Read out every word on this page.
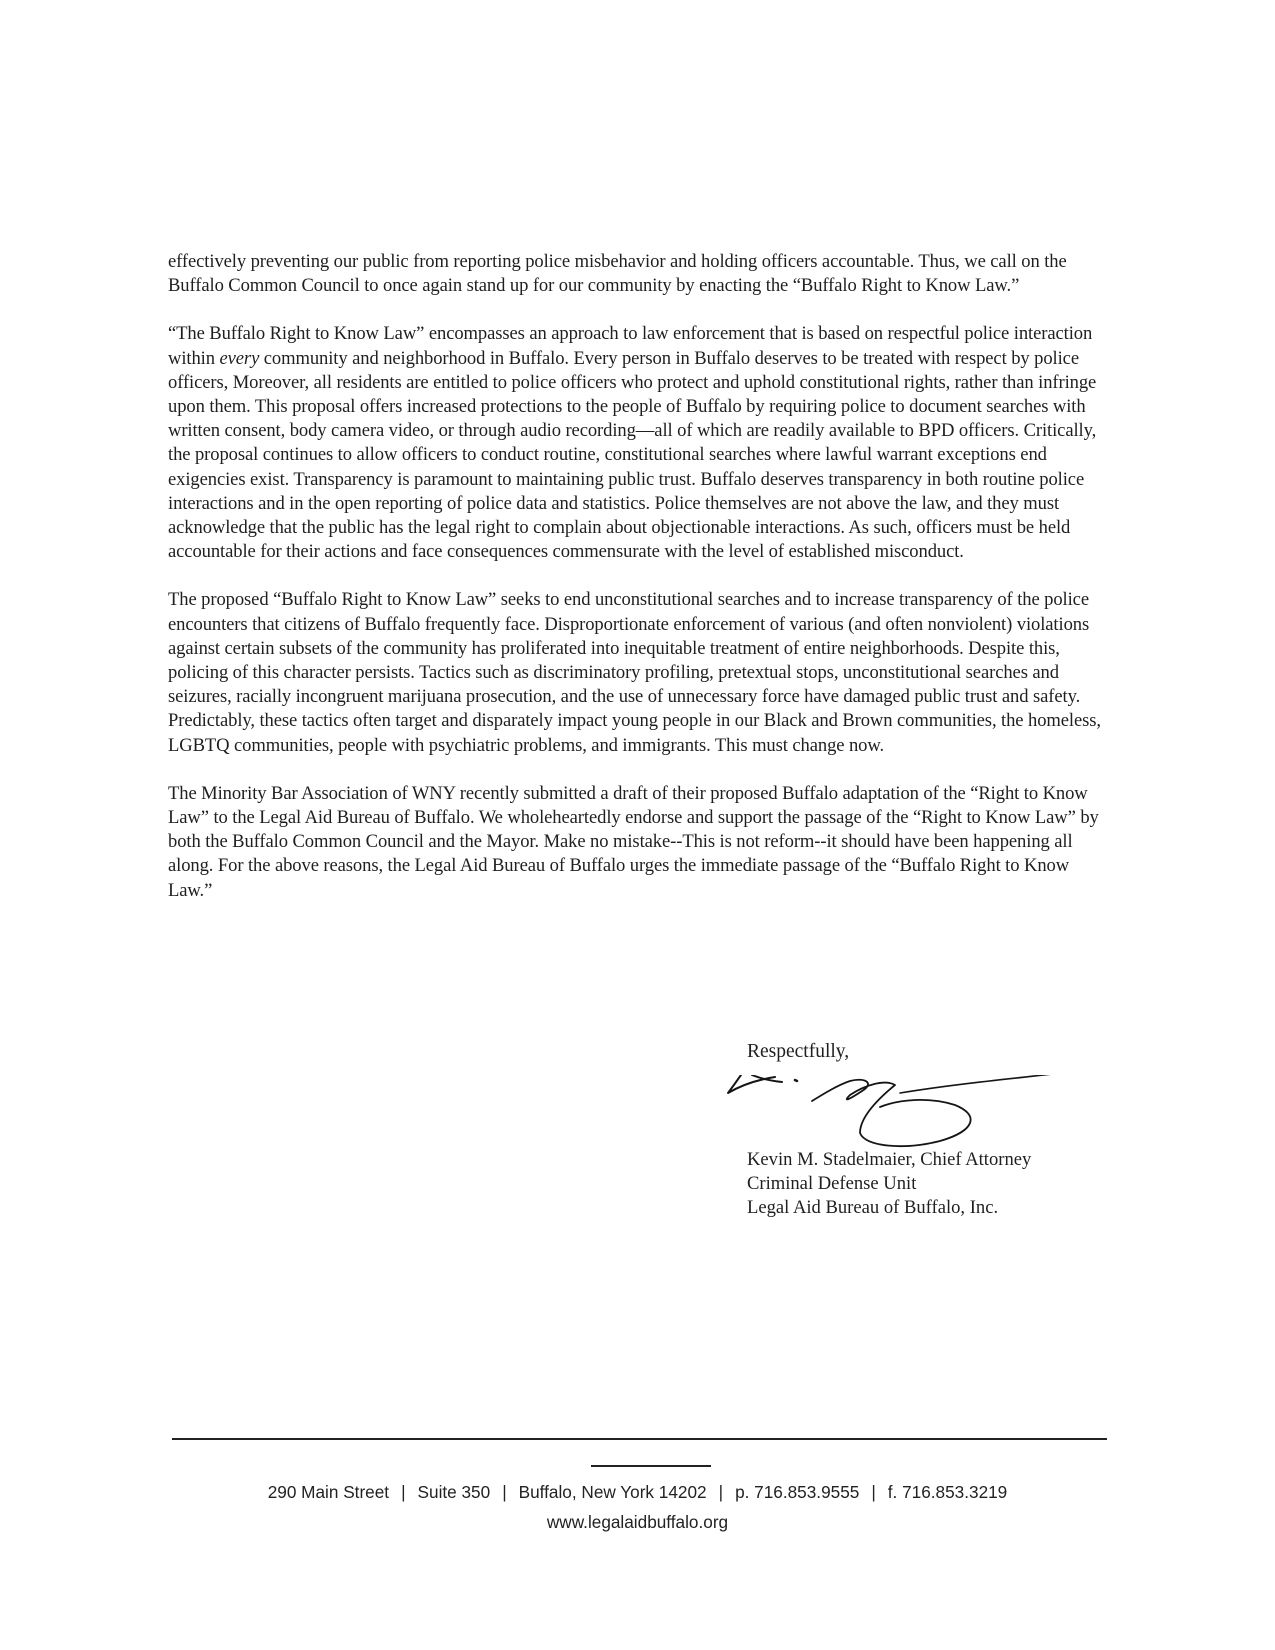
effectively preventing our public from reporting police misbehavior and holding officers accountable. Thus, we call on the Buffalo Common Council to once again stand up for our community by enacting the “Buffalo Right to Know Law.”

“The Buffalo Right to Know Law” encompasses an approach to law enforcement that is based on respectful police interaction within every community and neighborhood in Buffalo. Every person in Buffalo deserves to be treated with respect by police officers, Moreover, all residents are entitled to police officers who protect and uphold constitutional rights, rather than infringe upon them. This proposal offers increased protections to the people of Buffalo by requiring police to document searches with written consent, body camera video, or through audio recording—all of which are readily available to BPD officers. Critically, the proposal continues to allow officers to conduct routine, constitutional searches where lawful warrant exceptions end exigencies exist. Transparency is paramount to maintaining public trust. Buffalo deserves transparency in both routine police interactions and in the open reporting of police data and statistics. Police themselves are not above the law, and they must acknowledge that the public has the legal right to complain about objectionable interactions. As such, officers must be held accountable for their actions and face consequences commensurate with the level of established misconduct.

The proposed “Buffalo Right to Know Law” seeks to end unconstitutional searches and to increase transparency of the police encounters that citizens of Buffalo frequently face. Disproportionate enforcement of various (and often nonviolent) violations against certain subsets of the community has proliferated into inequitable treatment of entire neighborhoods. Despite this, policing of this character persists. Tactics such as discriminatory profiling, pretextual stops, unconstitutional searches and seizures, racially incongruent marijuana prosecution, and the use of unnecessary force have damaged public trust and safety. Predictably, these tactics often target and disparately impact young people in our Black and Brown communities, the homeless, LGBTQ communities, people with psychiatric problems, and immigrants. This must change now.

The Minority Bar Association of WNY recently submitted a draft of their proposed Buffalo adaptation of the “Right to Know Law” to the Legal Aid Bureau of Buffalo. We wholeheartedly endorse and support the passage of the “Right to Know Law” by both the Buffalo Common Council and the Mayor. Make no mistake--This is not reform--it should have been happening all along. For the above reasons, the Legal Aid Bureau of Buffalo urges the immediate passage of the “Buffalo Right to Know Law.”

Respectfully,
Kevin M. Stadelmaier, Chief Attorney
Criminal Defense Unit
Legal Aid Bureau of Buffalo, Inc.
290 Main Street | Suite 350 | Buffalo, New York 14202 | p. 716.853.9555 | f. 716.853.3219
www.legalaidbuffalo.org
